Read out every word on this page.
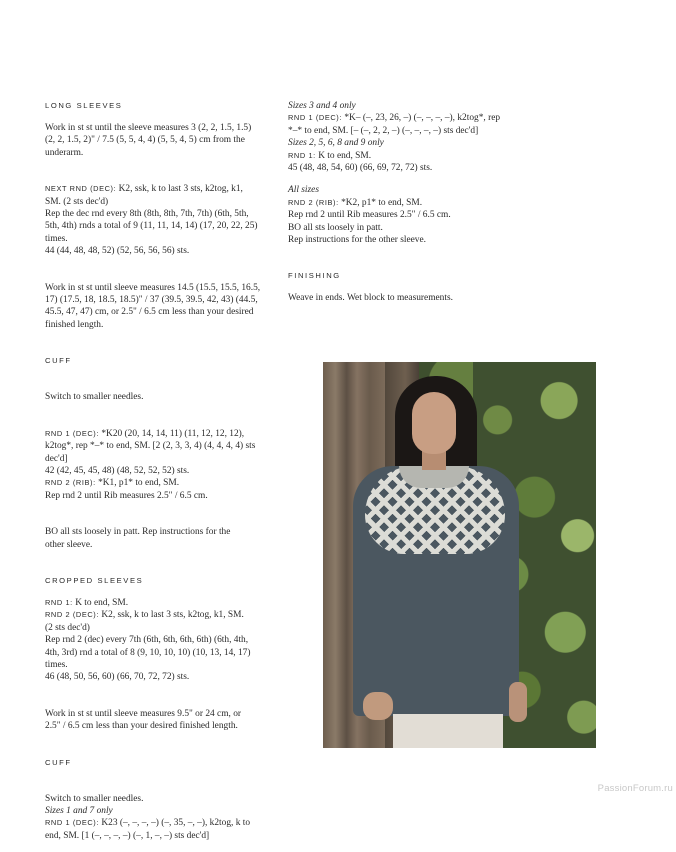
LONG SLEEVES

Work in st st until the sleeve measures 3 (2, 2, 1.5, 1.5)

(2, 2, 1.5, 2)" / 7.5 (5, 5, 4, 4) (5, 5, 4, 5) cm from the

underarm.

NEXT RND (DEC): K2, ssk, k to last 3 sts, k2tog, k1,

SM. (2 sts dec'd)

Rep the dec rnd every 8th (8th, 8th, 7th, 7th) (6th, 5th,

5th, 4th) rnds a total of 9 (11, 11, 14, 14) (17, 20, 22, 25)

times.

44 (44, 48, 48, 52) (52, 56, 56, 56) sts.

Work in st st until sleeve measures 14.5 (15.5, 15.5, 16.5,

17) (17.5, 18, 18.5, 18.5)" / 37 (39.5, 39.5, 42, 43) (44.5,

45.5, 47, 47) cm, or 2.5" / 6.5 cm less than your desired

finished length.

CUFF

Switch to smaller needles.

RND 1 (DEC): *K20 (20, 14, 14, 11) (11, 12, 12, 12),

k2tog*, rep *–* to end, SM. [2 (2, 3, 3, 4) (4, 4, 4, 4) sts

dec'd]

42 (42, 45, 45, 48) (48, 52, 52, 52) sts.

RND 2 (RIB): *K1, p1* to end, SM.

Rep rnd 2 until Rib measures 2.5" / 6.5 cm.

BO all sts loosely in patt. Rep instructions for the

other sleeve.

CROPPED SLEEVES

RND 1: K to end, SM.

RND 2 (DEC): K2, ssk, k to last 3 sts, k2tog, k1, SM.

(2 sts dec'd)

Rep rnd 2 (dec) every 7th (6th, 6th, 6th, 6th) (6th, 4th,

4th, 3rd) rnd a total of 8 (9, 10, 10, 10) (10, 13, 14, 17)

times.

46 (48, 50, 56, 60) (66, 70, 72, 72) sts.

Work in st st until sleeve measures 9.5" or 24 cm, or

2.5" / 6.5 cm less than your desired finished length.

CUFF

Switch to smaller needles.

Sizes 1 and 7 only

RND 1 (DEC): K23 (–, –, –, –) (–, 35, –, –), k2tog, k to

end, SM. [1 (–, –, –, –) (–, 1, –, –) sts dec'd]

Sizes 3 and 4 only

RND 1 (DEC): *K– (–, 23, 26, –) (–, –, –, –), k2tog*, rep

*–* to end, SM. [– (–, 2, 2, –) (–, –, –, –) sts dec'd]

Sizes 2, 5, 6, 8 and 9 only

RND 1: K to end, SM.

45 (48, 48, 54, 60) (66, 69, 72, 72) sts.

All sizes

RND 2 (RIB): *K2, p1* to end, SM.

Rep rnd 2 until Rib measures 2.5" / 6.5 cm.

BO all sts loosely in patt.

Rep instructions for the other sleeve.

FINISHING

Weave in ends. Wet block to measurements.

PassionForum.ru
